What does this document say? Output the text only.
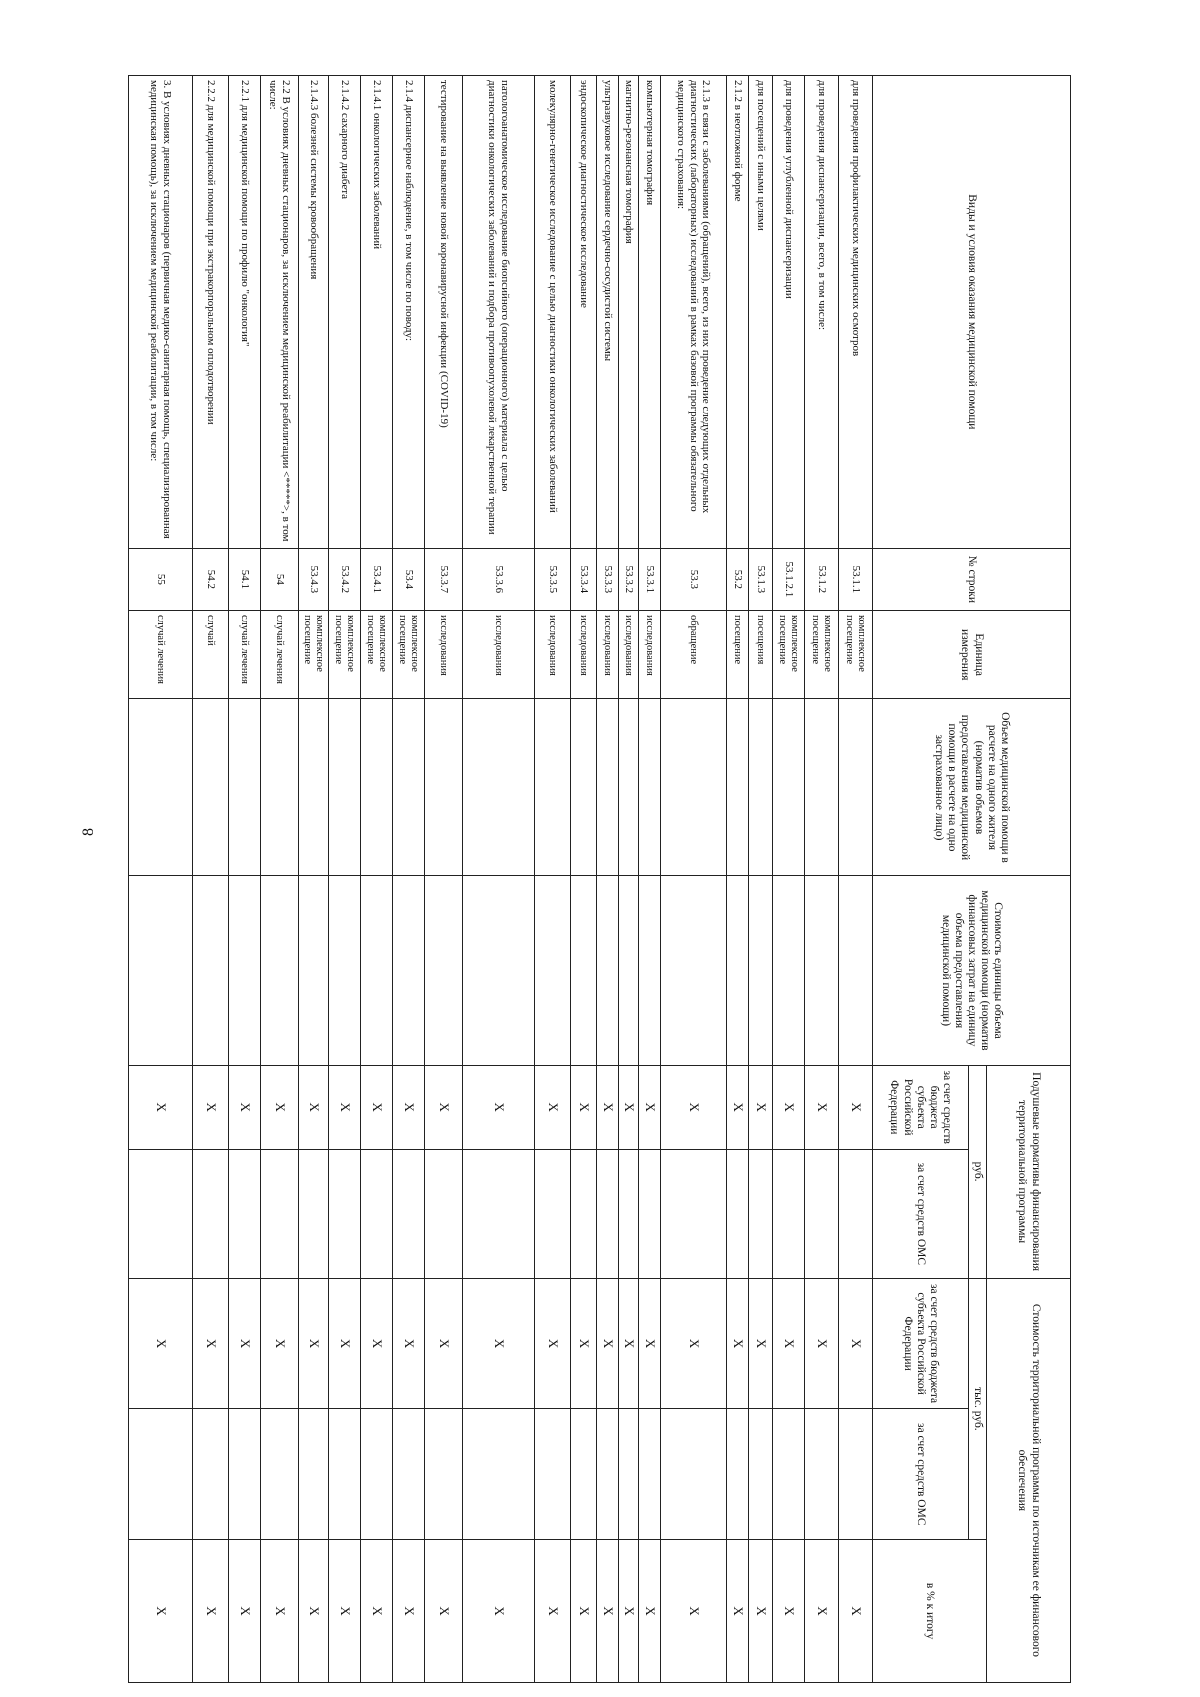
8
Виды и условия оказания медицинской помощи	№ строки	Единица измерения	Объем медицинской помощи в расчете на одного жителя (норматив объемов предоставления медицинской помощи в расчете на одно застрахованное лицо)	Стоимость единицы объема медицинской помощи (норматив финансовых затрат на единицу объема предоставления медицинской помощи)	Подушевые нормативы финансирования территориальной программы		Стоимость территориальной программы по источникам ее финансового обеспечения		
					руб.		тыс. руб.		в % к итогу
					за счет средств бюджета субъекта Российской Федерации	за счет средств ОМС	за счет средств бюджета субъекта Российской Федерации	за счет средств ОМС	
для проведения профилактических медицинских осмотров	53.1.1	комплексное посещение			X		X		X
для проведения диспансеризации, всего, в том числе:	53.1.2	комплексное посещение			X		X		X
для проведения углубленной диспансеризации	53.1.2.1	комплексное посещение			X		X		X
для посещений с иными целями	53.1.3	посещения			X		X		X
2.1.2 в неотложной форме	53.2	посещение			X		X		X
2.1.3 в связи с заболеваниями (обращений), всего, из них проведение следующих отдельных диагностических (лабораторных) исследований в рамках базовой программы обязательного медицинского страхования:	53.3	обращение			X		X		X
компьютерная томография	53.3.1	исследования			X		X		X
магнитно-резонансная томография	53.3.2	исследования			X		X		X
ультразвуковое исследование сердечно-сосудистой системы	53.3.3	исследования			X		X		X
эндоскопическое диагностическое исследование	53.3.4	исследования			X		X		X
молекулярно-генетическое исследование с целью диагностики онкологических заболеваний	53.3.5	исследования			X		X		X
патологоанатомическое исследование биопсийного (операционного) материала с целью диагностики онкологических заболеваний и подбора противоопухолевой лекарственной терапии	53.3.6	исследования			X		X		X
тестирование на выявление новой коронавирусной инфекции (COVID-19)	53.3.7	исследования			X		X		X
2.1.4 диспансерное наблюдение, в том числе по поводу:	53.4	комплексное посещение			X		X		X
2.1.4.1 онкологических заболеваний	53.4.1	комплексное посещение			X		X		X
2.1.4.2 сахарного диабета	53.4.2	комплексное посещение			X		X		X
2.1.4.3 болезней системы кровообращения	53.4.3	комплексное посещение			X		X		X
2.2 В условиях дневных стационаров, за исключением медицинской реабилитации <*****>, в том числе:	54	случай лечения			X		X		X
2.2.1 для медицинской помощи по профилю "онкология"	54.1	случай лечения			X		X		X
2.2.2 для медицинской помощи при экстракорпоральном оплодотворении	54.2	случай			X		X		X
3. В условиях дневных стационаров (первичная медико-санитарная помощь, специализированная медицинская помощь), за исключением медицинской реабилитации, в том числе:	55	случай лечения			X		X		X
